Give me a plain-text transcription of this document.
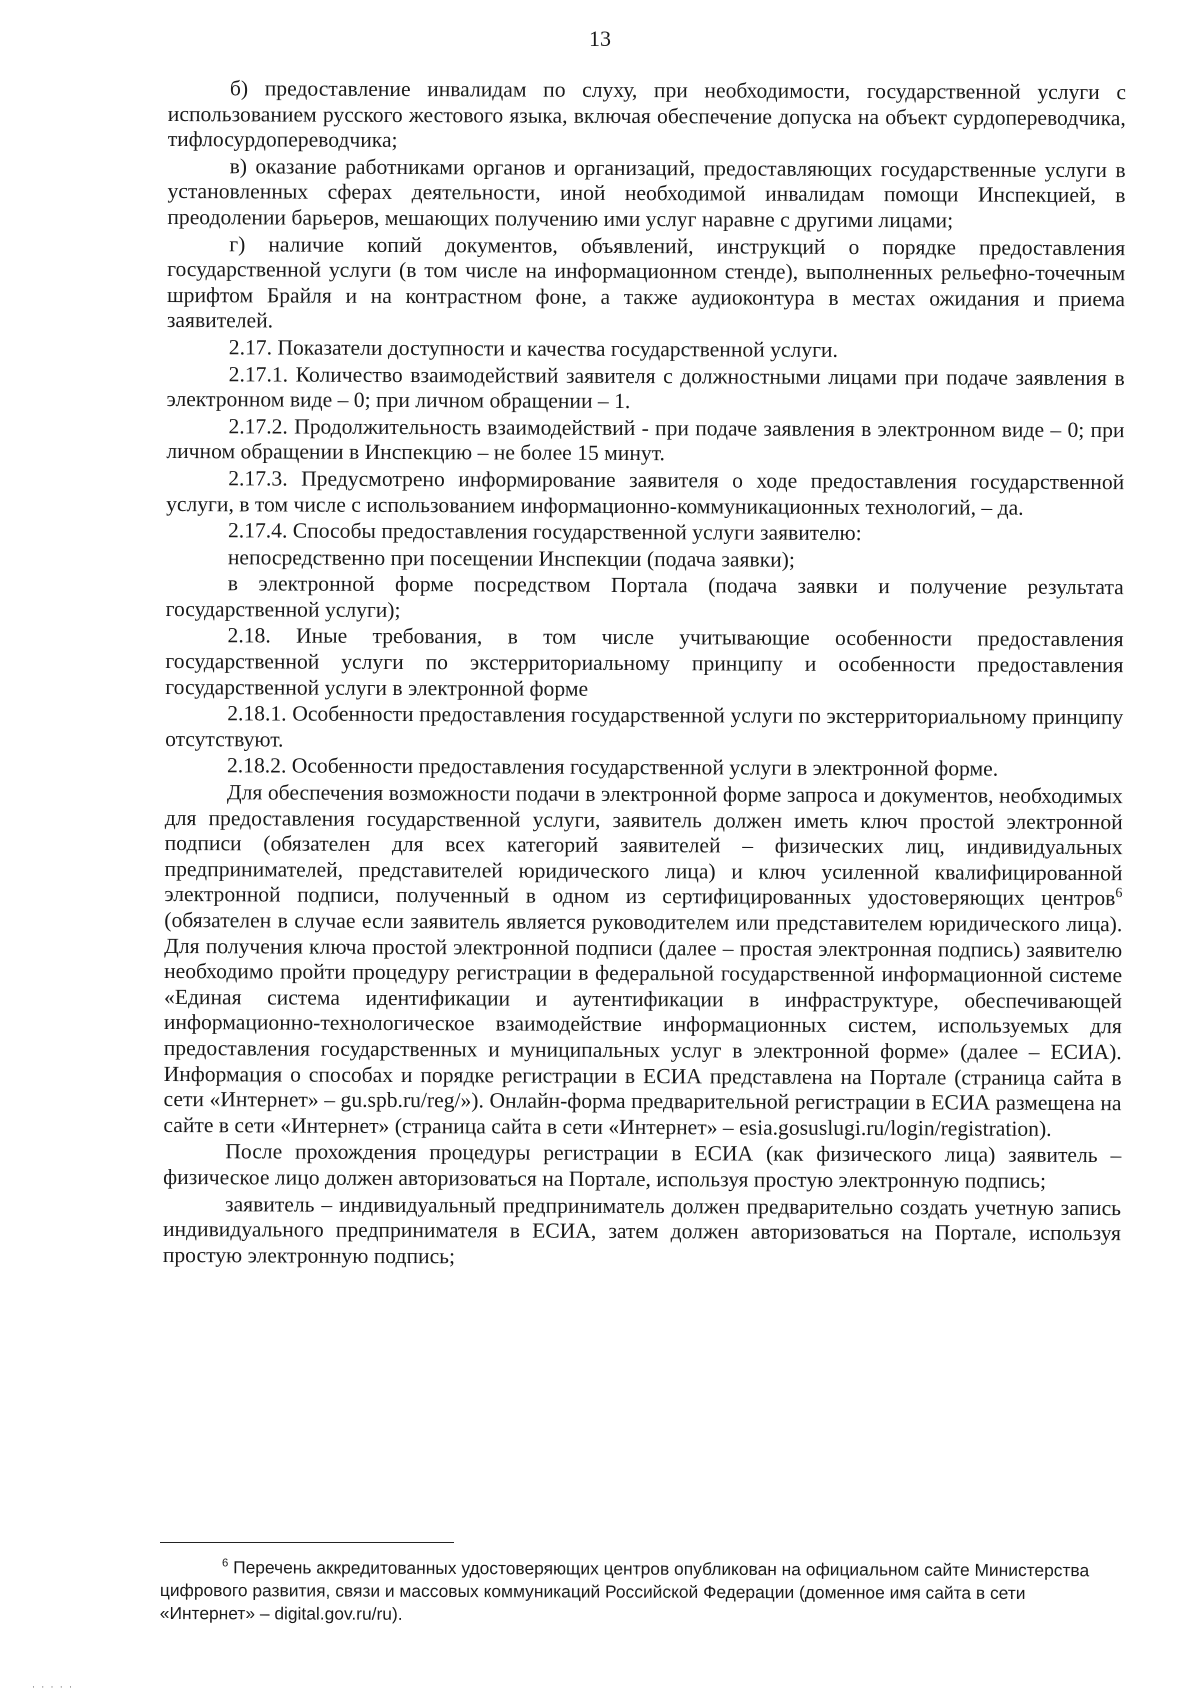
13

б) предоставление инвалидам по слуху, при необходимости, государственной услуги с использованием русского жестового языка, включая обеспечение допуска на объект сурдопереводчика, тифлосурдопереводчика;

в) оказание работниками органов и организаций, предоставляющих государственные услуги в установленных сферах деятельности, иной необходимой инвалидам помощи Инспекцией, в преодолении барьеров, мешающих получению ими услуг наравне с другими лицами;

г) наличие копий документов, объявлений, инструкций о порядке предоставления государственной услуги (в том числе на информационном стенде), выполненных рельефно-точечным шрифтом Брайля и на контрастном фоне, а также аудиоконтура в местах ожидания и приема заявителей.

2.17. Показатели доступности и качества государственной услуги.

2.17.1. Количество взаимодействий заявителя с должностными лицами при подаче заявления в электронном виде – 0; при личном обращении – 1.

2.17.2. Продолжительность взаимодействий - при подаче заявления в электронном виде – 0; при личном обращении в Инспекцию – не более 15 минут.

2.17.3. Предусмотрено информирование заявителя о ходе предоставления государственной услуги, в том числе с использованием информационно-коммуникационных технологий, – да.

2.17.4. Способы предоставления государственной услуги заявителю:

непосредственно при посещении Инспекции (подача заявки);

в электронной форме посредством Портала (подача заявки и получение результата государственной услуги);

2.18. Иные требования, в том числе учитывающие особенности предоставления государственной услуги по экстерриториальному принципу и особенности предоставления государственной услуги в электронной форме

2.18.1. Особенности предоставления государственной услуги по экстерриториальному принципу отсутствуют.

2.18.2. Особенности предоставления государственной услуги в электронной форме.

Для обеспечения возможности подачи в электронной форме запроса и документов, необходимых для предоставления государственной услуги, заявитель должен иметь ключ простой электронной подписи (обязателен для всех категорий заявителей – физических лиц, индивидуальных предпринимателей, представителей юридического лица) и ключ усиленной квалифицированной электронной подписи, полученный в одном из сертифицированных удостоверяющих центров$^6$ (обязателен в случае если заявитель является руководителем или представителем юридического лица). Для получения ключа простой электронной подписи (далее – простая электронная подпись) заявителю необходимо пройти процедуру регистрации в федеральной государственной информационной системе «Единая система идентификации и аутентификации в инфраструктуре, обеспечивающей информационно-технологическое взаимодействие информационных систем, используемых для предоставления государственных и муниципальных услуг в электронной форме» (далее – ЕСИА). Информация о способах и порядке регистрации в ЕСИА представлена на Портале (страница сайта в сети «Интернет» – gu.spb.ru/reg/»). Онлайн-форма предварительной регистрации в ЕСИА размещена на сайте в сети «Интернет» (страница сайта в сети «Интернет» – esia.gosuslugi.ru/login/registration).

После прохождения процедуры регистрации в ЕСИА (как физического лица) заявитель – физическое лицо должен авторизоваться на Портале, используя простую электронную подпись;

заявитель – индивидуальный предприниматель должен предварительно создать учетную запись индивидуального предпринимателя в ЕСИА, затем должен авторизоваться на Портале, используя простую электронную подпись;

$^6$ Перечень аккредитованных удостоверяющих центров опубликован на официальном сайте Министерства цифрового развития, связи и массовых коммуникаций Российской Федерации (доменное имя сайта в сети «Интернет» – digital.gov.ru/ru).
· · · · ·
